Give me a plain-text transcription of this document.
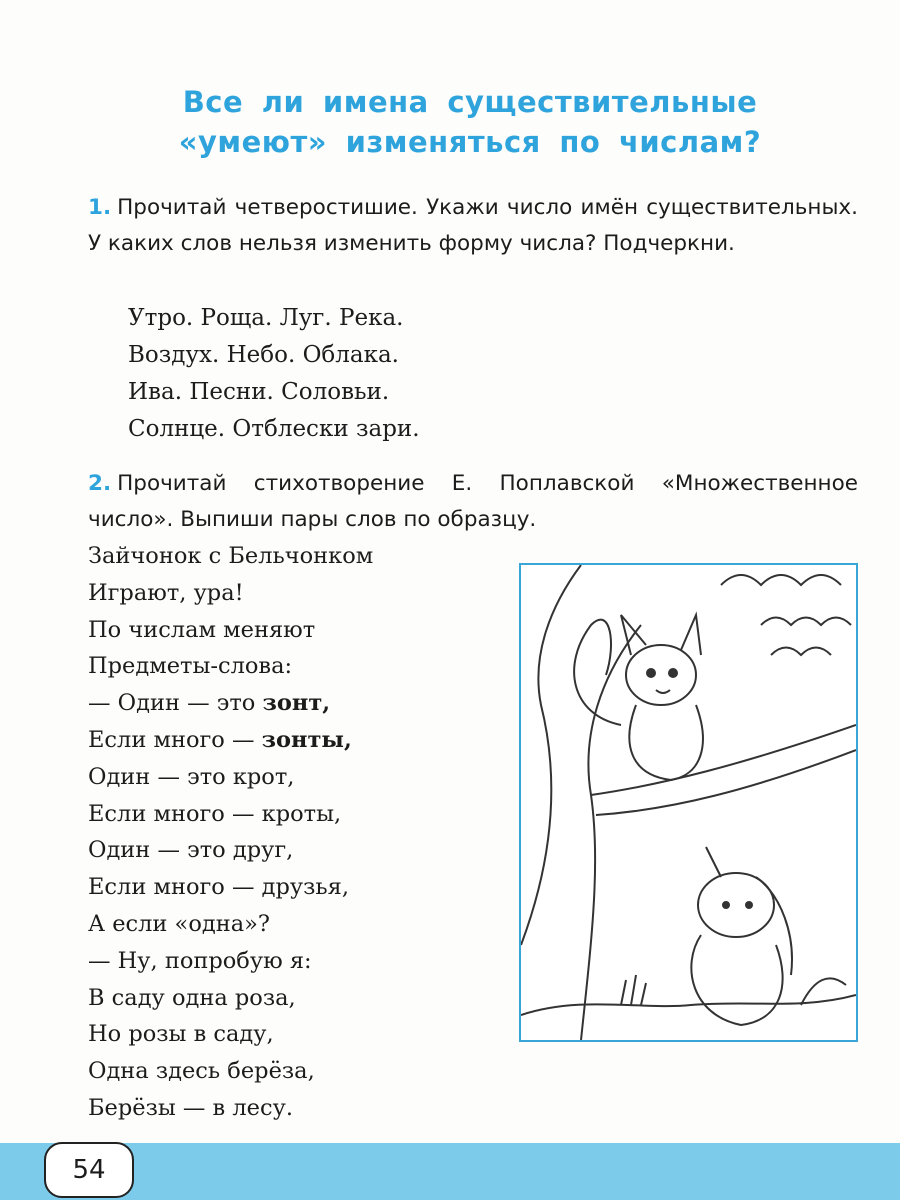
Все ли имена существительные
«умеют» изменяться по числам?
1. Прочитай четверостишие. Укажи число имён существительных. У каких слов нельзя изменить форму числа? Подчеркни.
Утро. Роща. Луг. Река.
Воздух. Небо. Облака.
Ива. Песни. Соловьи.
Солнце. Отблески зари.
2. Прочитай стихотворение Е. Поплавской «Множественное число». Выпиши пары слов по образцу.
Зайчонок с Бельчонком
Играют, ура!
По числам меняют
Предметы-слова:
— Один — это зонт,
Если много — зонты,
Один — это крот,
Если много — кроты,
Один — это друг,
Если много — друзья,
А если «одна»?
— Ну, попробую я:
В саду одна роза,
Но розы в саду,
Одна здесь берёза,
Берёзы — в лесу.
54
